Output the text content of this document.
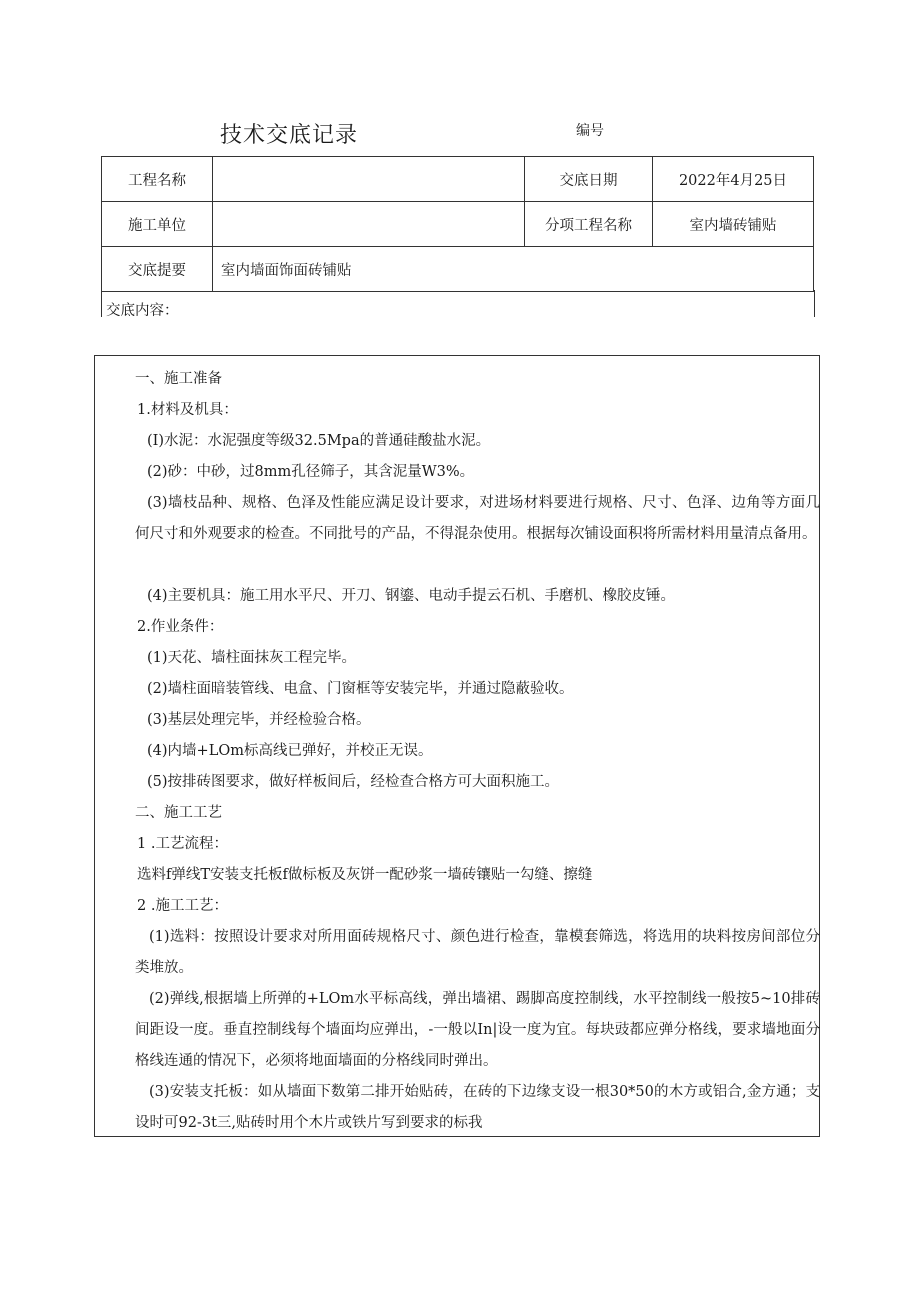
技术交底记录	编号
工程名称		交底日期	2022年4月25日
施工单位		分项工程名称	室内墙砖铺贴
交底提要	室内墙面饰面砖铺贴		
交底内容：
一、施工准备
1.材料及机具：
(I)水泥：水泥强度等级32.5Mpa的普通硅酸盐水泥。
(2)砂：中砂，过8mm孔径筛子，其含泥量W3%。
(3)墙枝品种、规格、色泽及性能应满足设计要求，对进场材料要进行规格、尺寸、色泽、边角等方面几何尺寸和外观要求的检查。不同批号的产品，不得混杂使用。根据每次铺设面积将所需材料用量清点备用。
(4)主要机具：施工用水平尺、开刀、钢鎏、电动手提云石机、手磨机、橡胶皮锤。
2.作业条件：
(1)天花、墙柱面抹灰工程完毕。
(2)墙柱面暗装管线、电盒、门窗框等安装完毕，并通过隐蔽验收。
(3)基层处理完毕，并经检验合格。
(4)内墙+LOm标高线已弹好，并校正无误。
(5)按排砖图要求，做好样板间后，经检查合格方可大面积施工。
二、施工工艺
1 .工艺流程：
选料f弹线T安装支托板f做标板及灰饼一配砂浆一墙砖镶贴一勾缝、擦缝
2 .施工工艺：
(1)选料：按照设计要求对所用面砖规格尺寸、颜色进行检查，靠模套筛选，将选用的块料按房间部位分类堆放。
(2)弹线,根据墙上所弹的+LOm水平标高线，弹出墙裙、踢脚高度控制线，水平控制线一般按5~10排砖间距设一度。垂直控制线每个墙面均应弹出，-一般以In|设一度为宜。每块豉都应弹分格线，要求墙地面分格线连通的情况下，必须将地面墙面的分格线同时弹出。
(3)安装支托板：如从墙面下数第二排开始贴砖，在砖的下边缘支设一根30*50的木方或铝合,金方通；支设时可92-3t三,贴砖时用个木片或铁片写到要求的标我
